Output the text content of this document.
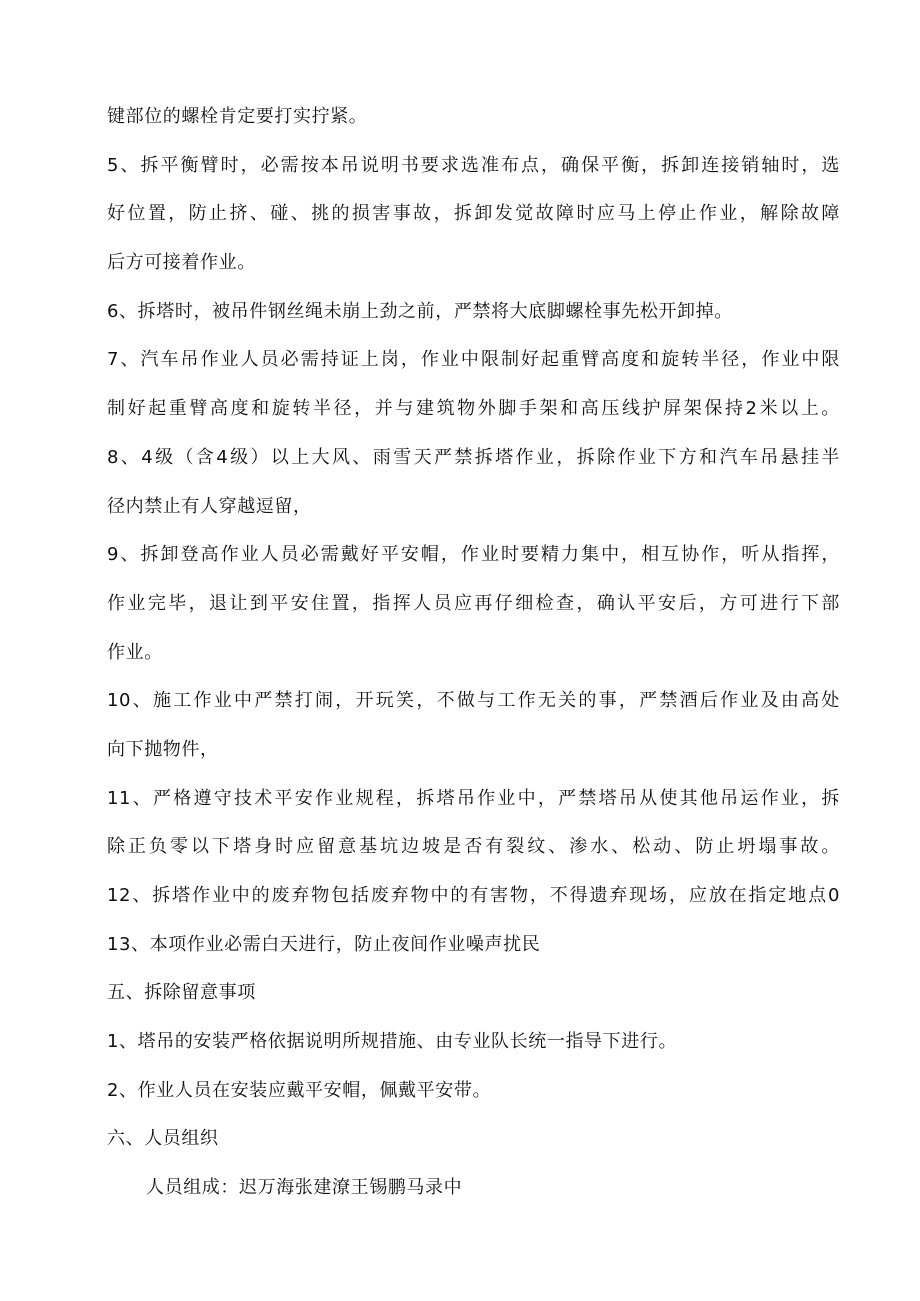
键部位的螺栓肯定要打实拧紧。
5、拆平衡臂时，必需按本吊说明书要求选准布点，确保平衡，拆卸连接销轴时，选
好位置，防止挤、碰、挑的损害事故，拆卸发觉故障时应马上停止作业，解除故障
后方可接着作业。
6、拆塔时，被吊件钢丝绳未崩上劲之前，严禁将大底脚螺栓事先松开卸掉。
7、汽车吊作业人员必需持证上岗，作业中限制好起重臂高度和旋转半径，作业中限
制好起重臂高度和旋转半径，并与建筑物外脚手架和高压线护屏架保持2米以上。
8、4级（含4级）以上大风、雨雪天严禁拆塔作业，拆除作业下方和汽车吊悬挂半
径内禁止有人穿越逗留，
9、拆卸登高作业人员必需戴好平安帽，作业时要精力集中，相互协作，听从指挥，
作业完毕，退让到平安住置，指挥人员应再仔细检查，确认平安后，方可进行下部
作业。
10、施工作业中严禁打闹，开玩笑，不做与工作无关的事，严禁酒后作业及由高处
向下抛物件，
11、严格遵守技术平安作业规程，拆塔吊作业中，严禁塔吊从使其他吊运作业，拆
除正负零以下塔身时应留意基坑边坡是否有裂纹、渗水、松动、防止坍塌事故。
12、拆塔作业中的废弃物包括废弃物中的有害物，不得遗弃现场，应放在指定地点0
13、本项作业必需白天进行，防止夜间作业噪声扰民
五、拆除留意事项
1、塔吊的安装严格依据说明所规措施、由专业队长统一指导下进行。
2、作业人员在安装应戴平安帽，佩戴平安带。
六、人员组织
人员组成：迟万海张建潦王锡鹏马录中
